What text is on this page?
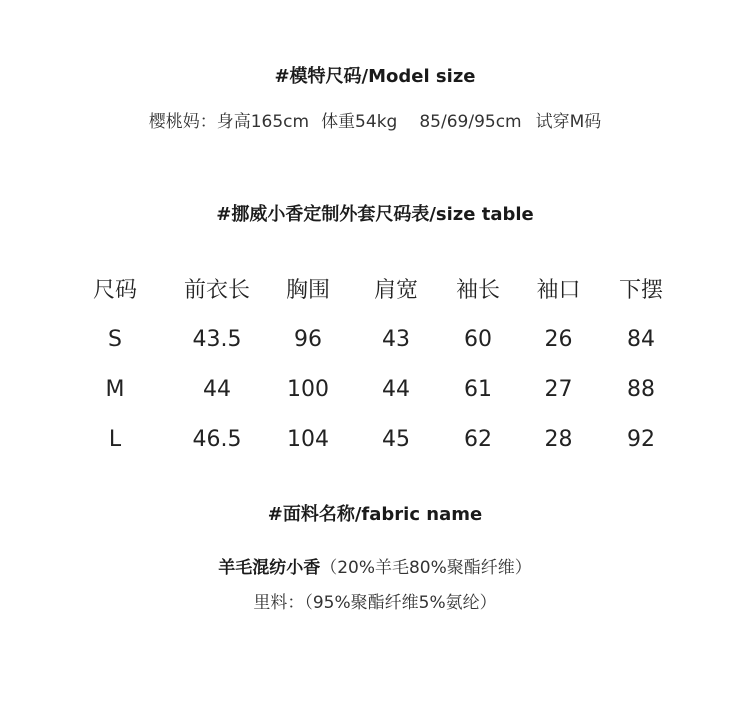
#模特尺码/Model size
樱桃妈：身高165cm 体重54kg 85/69/95cm 试穿M码
#挪威小香定制外套尺码表/size table
尺码	前衣长	胸围	肩宽	袖长	袖口	下摆
S	43.5	96	43	60	26	84
M	44	100	44	61	27	88
L	46.5	104	45	62	28	92
#面料名称/fabric name
羊毛混纺小香（20%羊毛80%聚酯纤维）
里料：（95%聚酯纤维5%氨纶）
